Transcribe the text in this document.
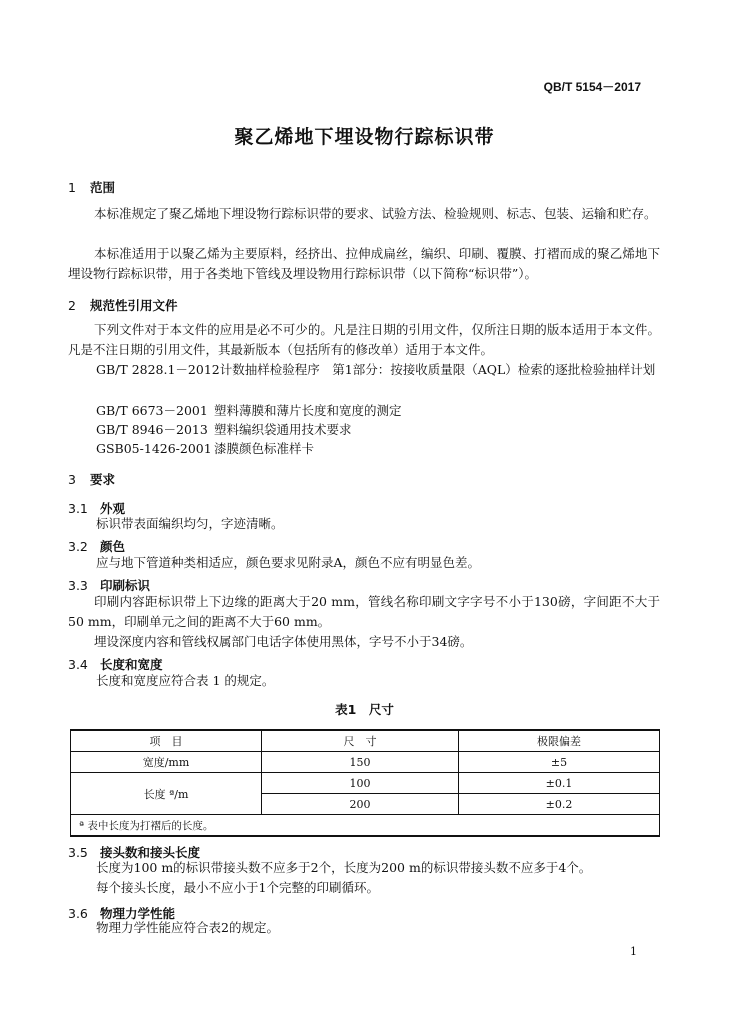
QB/T 5154－2017
聚乙烯地下埋设物行踪标识带
1 范围
本标准规定了聚乙烯地下埋设物行踪标识带的要求、试验方法、检验规则、标志、包装、运输和贮存。
本标准适用于以聚乙烯为主要原料，经挤出、拉伸成扁丝，编织、印刷、覆膜、打褶而成的聚乙烯地下埋设物行踪标识带，用于各类地下管线及埋设物用行踪标识带（以下简称“标识带”）。
2 规范性引用文件
下列文件对于本文件的应用是必不可少的。凡是注日期的引用文件，仅所注日期的版本适用于本文件。凡是不注日期的引用文件，其最新版本（包括所有的修改单）适用于本文件。
GB/T 2828.1－2012计数抽样检验程序　第1部分：按接收质量限（AQL）检索的逐批检验抽样计划
GB/T 6673－2001 塑料薄膜和薄片长度和宽度的测定
GB/T 8946－2013 塑料编织袋通用技术要求
GSB05-1426-2001 漆膜颜色标准样卡
3 要求
3.1 外观
标识带表面编织均匀，字迹清晰。
3.2 颜色
应与地下管道种类相适应，颜色要求见附录A，颜色不应有明显色差。
3.3 印刷标识
印刷内容距标识带上下边缘的距离大于20 mm，管线名称印刷文字字号不小于130磅，字间距不大于50 mm，印刷单元之间的距离不大于60 mm。
埋设深度内容和管线权属部门电话字体使用黑体，字号不小于34磅。
3.4 长度和宽度
长度和宽度应符合表 1 的规定。
表1　尺寸
项　目	尺　寸	极限偏差
宽度/mm	150	±5
长度 ª/m	100	±0.1
	200	±0.2
ª 表中长度为打褶后的长度。		
3.5 接头数和接头长度
长度为100 m的标识带接头数不应多于2个，长度为200 m的标识带接头数不应多于4个。
每个接头长度，最小不应小于1个完整的印刷循环。
3.6 物理力学性能
物理力学性能应符合表2的规定。
1
